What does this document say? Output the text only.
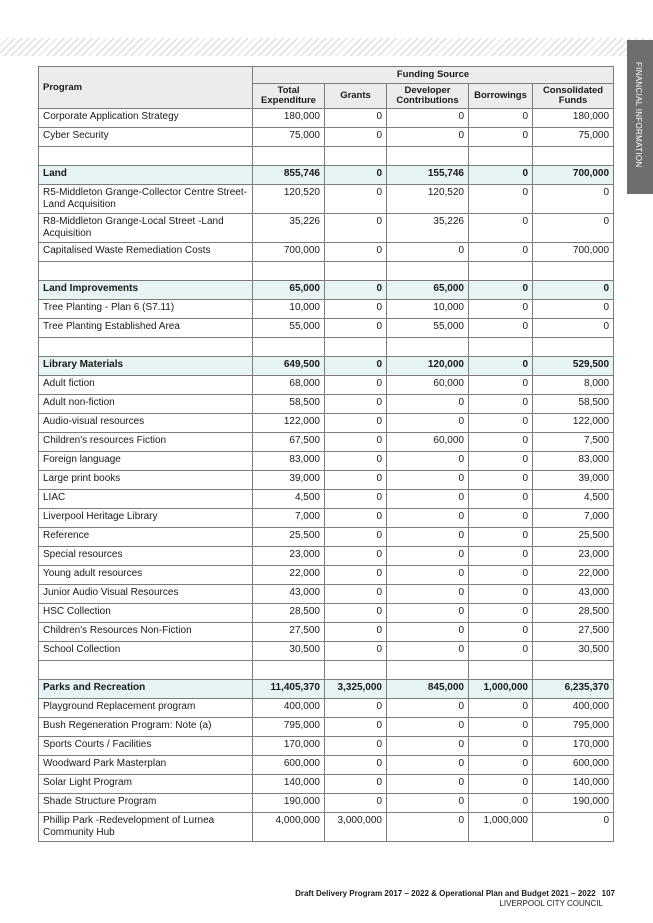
FINANCIAL INFORMATION
Program	Funding Source				
	Total Expenditure	Grants	Developer Contributions	Borrowings	Consolidated Funds
Corporate Application Strategy	180,000	0	0	0	180,000
Cyber Security	75,000	0	0	0	75,000

Land	855,746	0	155,746	0	700,000
R5-Middleton Grange-Collector Centre Street-Land Acquisition	120,520	0	120,520	0	0
R8-Middleton Grange-Local Street -Land Acquisition	35,226	0	35,226	0	0
Capitalised Waste Remediation Costs	700,000	0	0	0	700,000

Land Improvements	65,000	0	65,000	0	0
Tree Planting - Plan 6 (S7.11)	10,000	0	10,000	0	0
Tree Planting Established Area	55,000	0	55,000	0	0

Library Materials	649,500	0	120,000	0	529,500
Adult fiction	68,000	0	60,000	0	8,000
Adult non-fiction	58,500	0	0	0	58,500
Audio-visual resources	122,000	0	0	0	122,000
Children's resources Fiction	67,500	0	60,000	0	7,500
Foreign language	83,000	0	0	0	83,000
Large print books	39,000	0	0	0	39,000
LIAC	4,500	0	0	0	4,500
Liverpool Heritage Library	7,000	0	0	0	7,000
Reference	25,500	0	0	0	25,500
Special resources	23,000	0	0	0	23,000
Young adult resources	22,000	0	0	0	22,000
Junior Audio Visual Resources	43,000	0	0	0	43,000
HSC Collection	28,500	0	0	0	28,500
Children's Resources Non-Fiction	27,500	0	0	0	27,500
School Collection	30,500	0	0	0	30,500

Parks and Recreation	11,405,370	3,325,000	845,000	1,000,000	6,235,370
Playground Replacement program	400,000	0	0	0	400,000
Bush Regeneration Program: Note (a)	795,000	0	0	0	795,000
Sports Courts / Facilities	170,000	0	0	0	170,000
Woodward Park Masterplan	600,000	0	0	0	600,000
Solar Light Program	140,000	0	0	0	140,000
Shade Structure Program	190,000	0	0	0	190,000
Phillip Park -Redevelopment of Lurnea Community Hub	4,000,000	3,000,000	0	1,000,000	0
Draft Delivery Program 2017 – 2022 & Operational Plan and Budget 2021 – 2022 107
LIVERPOOL CITY COUNCIL
